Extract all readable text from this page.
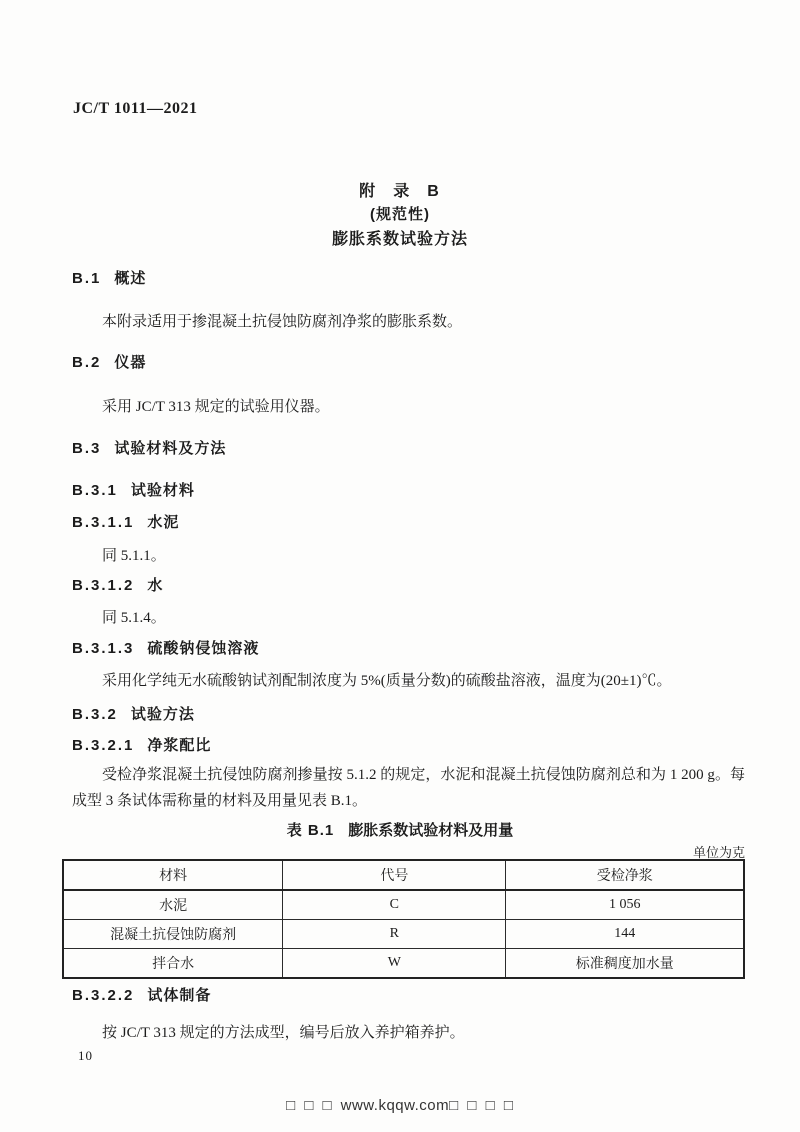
JC/T 1011—2021
附 录 B
(规范性)
膨胀系数试验方法
B.1 概述
本附录适用于掺混凝土抗侵蚀防腐剂净浆的膨胀系数。
B.2 仪器
采用 JC/T 313 规定的试验用仪器。
B.3 试验材料及方法
B.3.1 试验材料
B.3.1.1 水泥
同 5.1.1。
B.3.1.2 水
同 5.1.4。
B.3.1.3 硫酸钠侵蚀溶液
采用化学纯无水硫酸钠试剂配制浓度为 5%(质量分数)的硫酸盐溶液，温度为(20±1)℃。
B.3.2 试验方法
B.3.2.1 净浆配比
受检净浆混凝土抗侵蚀防腐剂掺量按 5.1.2 的规定，水泥和混凝土抗侵蚀防腐剂总和为 1 200 g。每成型 3 条试体需称量的材料及用量见表 B.1。
表 B.1 膨胀系数试验材料及用量
单位为克
材料	代号	受检净浆
水泥	C	1 056
混凝土抗侵蚀防腐剂	R	144
拌合水	W	标准稠度加水量
B.3.2.2 试体制备
按 JC/T 313 规定的方法成型，编号后放入养护箱养护。
10
□ □ □ www.kqqw.com□ □ □ □
